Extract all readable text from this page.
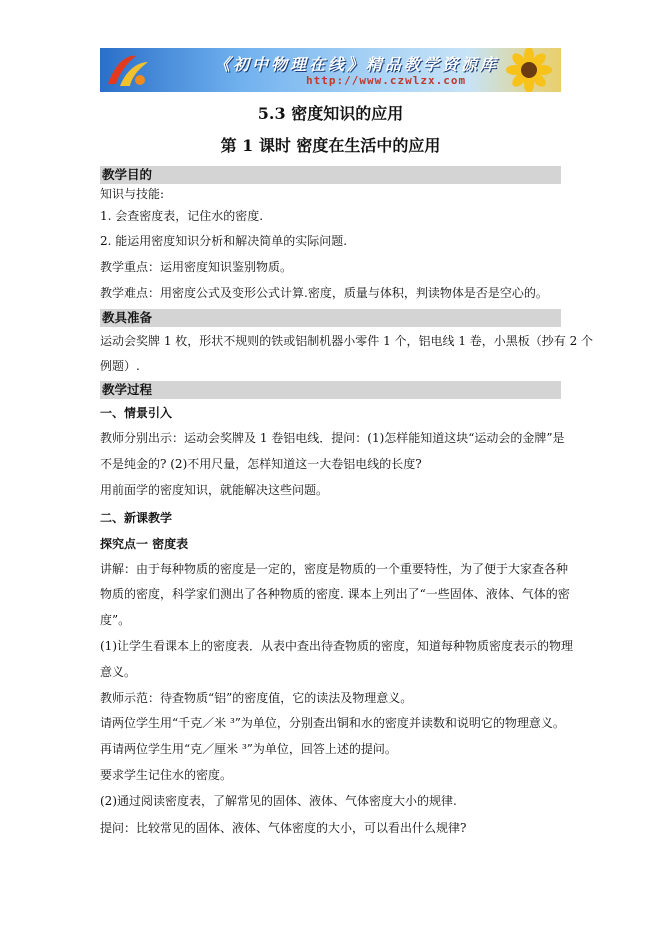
《初中物理在线》精品教学资源库
http://www.czwlzx.com
5.3 密度知识的应用
第 1 课时 密度在生活中的应用
教学目的
知识与技能:
1. 会查密度表，记住水的密度.
2. 能运用密度知识分析和解决简单的实际问题.
教学重点：运用密度知识鉴别物质。
教学难点：用密度公式及变形公式计算.密度，质量与体积，判读物体是否是空心的。
教具准备
运动会奖牌 1 枚，形状不规则的铁或铝制机器小零件 1 个，铝电线 1 卷，小黑板（抄有 2 个
例题）.
教学过程
一、情景引入
教师分别出示：运动会奖牌及 1 卷铝电线．提问：(1)怎样能知道这块“运动会的金牌”是
不是纯金的? (2)不用尺量，怎样知道这一大卷铝电线的长度?
用前面学的密度知识，就能解决这些问题。
二、新课教学
探究点一 密度表
讲解：由于每种物质的密度是一定的，密度是物质的一个重要特性，为了便于大家查各种
物质的密度，科学家们测出了各种物质的密度. 课本上列出了“一些固体、液体、气体的密
度”。
(1)让学生看课本上的密度表．从表中查出待查物质的密度，知道每种物质密度表示的物理
意义。
教师示范：待查物质“铝”的密度值，它的读法及物理意义。
请两位学生用“千克／米 ³”为单位，分别查出铜和水的密度并读数和说明它的物理意义。
再请两位学生用“克／厘米 ³”为单位，回答上述的提问。
要求学生记住水的密度。
(2)通过阅读密度表，了解常见的固体、液体、气体密度大小的规律.
提问：比较常见的固体、液体、气体密度的大小，可以看出什么规律?
